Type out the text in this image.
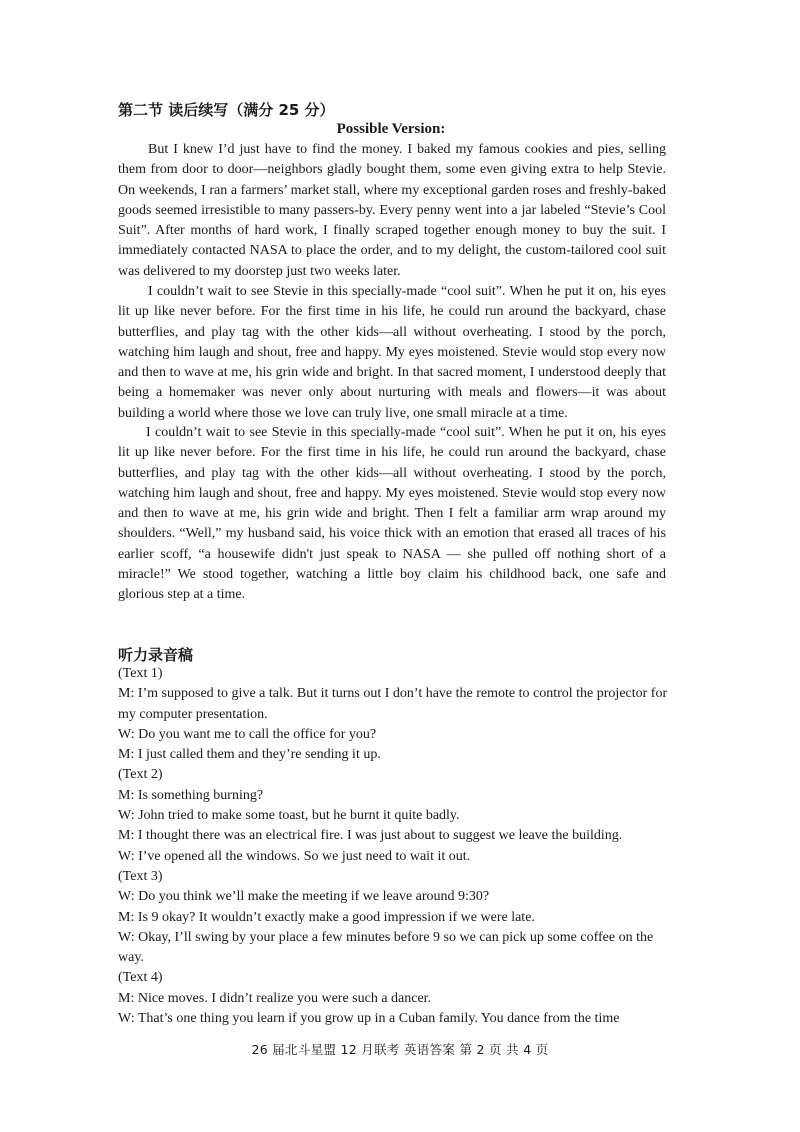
第二节 读后续写（满分 25 分）
Possible Version:

But I knew I’d just have to find the money. I baked my famous cookies and pies, selling them from door to door—neighbors gladly bought them, some even giving extra to help Stevie. On weekends, I ran a farmers’ market stall, where my exceptional garden roses and freshly-baked goods seemed irresistible to many passers-by. Every penny went into a jar labeled “Stevie’s Cool Suit”. After months of hard work, I finally scraped together enough money to buy the suit. I immediately contacted NASA to place the order, and to my delight, the custom-tailored cool suit was delivered to my doorstep just two weeks later.

I couldn’t wait to see Stevie in this specially-made “cool suit”. When he put it on, his eyes lit up like never before. For the first time in his life, he could run around the backyard, chase butterflies, and play tag with the other kids—all without overheating. I stood by the porch, watching him laugh and shout, free and happy. My eyes moistened. Stevie would stop every now and then to wave at me, his grin wide and bright. In that sacred moment, I understood deeply that being a homemaker was never only about nurturing with meals and flowers—it was about building a world where those we love can truly live, one small miracle at a time.

I couldn’t wait to see Stevie in this specially-made “cool suit”. When he put it on, his eyes lit up like never before. For the first time in his life, he could run around the backyard, chase butterflies, and play tag with the other kids—all without overheating. I stood by the porch, watching him laugh and shout, free and happy. My eyes moistened. Stevie would stop every now and then to wave at me, his grin wide and bright. Then I felt a familiar arm wrap around my shoulders. “Well,” my husband said, his voice thick with an emotion that erased all traces of his earlier scoff, “a housewife didn't just speak to NASA — she pulled off nothing short of a miracle!” We stood together, watching a little boy claim his childhood back, one safe and glorious step at a time.

听力录音稿
(Text 1)
M: I’m supposed to give a talk. But it turns out I don’t have the remote to control the projector for my computer presentation.
W: Do you want me to call the office for you?
M: I just called them and they’re sending it up.
(Text 2)
M: Is something burning?
W: John tried to make some toast, but he burnt it quite badly.
M: I thought there was an electrical fire. I was just about to suggest we leave the building.
W: I’ve opened all the windows. So we just need to wait it out.
(Text 3)
W: Do you think we’ll make the meeting if we leave around 9:30?
M: Is 9 okay? It wouldn’t exactly make a good impression if we were late.
W: Okay, I’ll swing by your place a few minutes before 9 so we can pick up some coffee on the way.
(Text 4)
M: Nice moves. I didn’t realize you were such a dancer.
W: That’s one thing you learn if you grow up in a Cuban family. You dance from the time
26 届北斗星盟 12 月联考 英语答案 第 2 页 共 4 页
